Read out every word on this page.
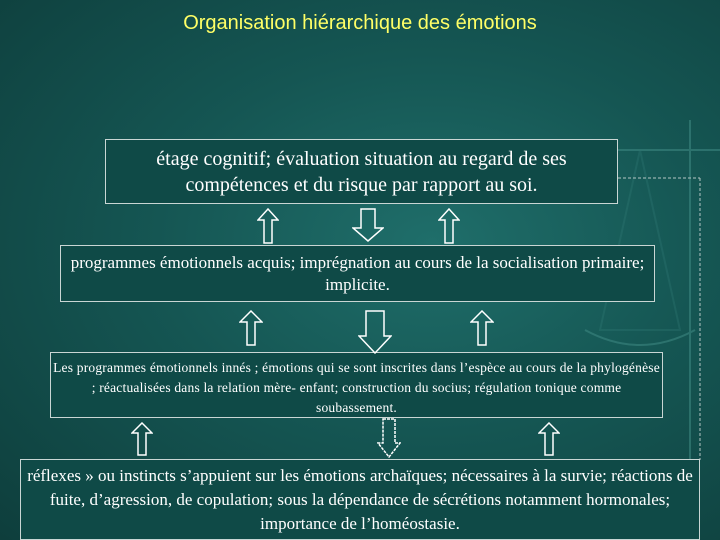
Organisation hiérarchique des émotions
étage cognitif; évaluation situation au regard de ses compétences et du risque par rapport au soi.
programmes émotionnels acquis; imprégnation au cours de la socialisation primaire; implicite.
Les programmes émotionnels innés ; émotions qui se sont inscrites dans l’espèce au cours de la phylogénèse ; réactualisées dans la relation mère- enfant; construction du socius; régulation tonique comme soubassement.
réflexes » ou instincts s’appuient sur les émotions archaïques; nécessaires à la survie; réactions de fuite, d’agression, de copulation; sous la dépendance de sécrétions notamment hormonales; importance de l’homéostasie.
